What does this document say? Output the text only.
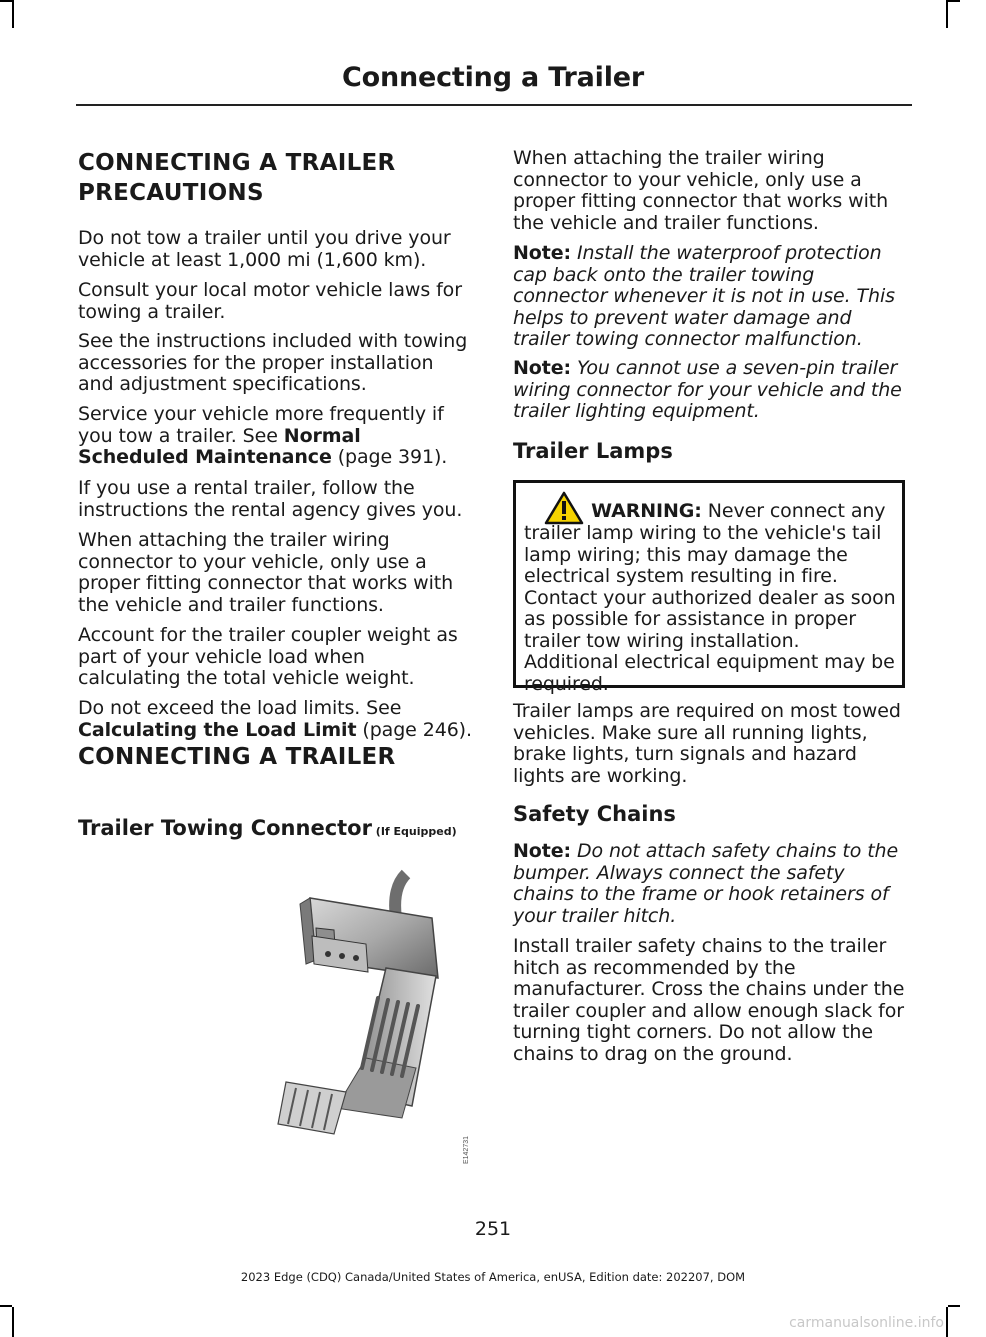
Connecting a Trailer
CONNECTING A TRAILER
PRECAUTIONS

Do not tow a trailer until you drive your vehicle at least 1,000 mi (1,600 km).

Consult your local motor vehicle laws for towing a trailer.

See the instructions included with towing accessories for the proper installation and adjustment specifications.

Service your vehicle more frequently if you tow a trailer. See Normal Scheduled Maintenance (page 391).

If you use a rental trailer, follow the instructions the rental agency gives you.

When attaching the trailer wiring connector to your vehicle, only use a proper fitting connector that works with the vehicle and trailer functions.

Account for the trailer coupler weight as part of your vehicle load when calculating the total vehicle weight.

Do not exceed the load limits. See Calculating the Load Limit (page 246).

CONNECTING A TRAILER
Trailer Towing Connector (If Equipped)
E142731

When attaching the trailer wiring connector to your vehicle, only use a proper fitting connector that works with the vehicle and trailer functions.

Note: Install the waterproof protection cap back onto the trailer towing connector whenever it is not in use. This helps to prevent water damage and trailer towing connector malfunction.

Note: You cannot use a seven-pin trailer wiring connector for your vehicle and the trailer lighting equipment.

Trailer Lamps

WARNING: Never connect any trailer lamp wiring to the vehicle's tail lamp wiring; this may damage the electrical system resulting in fire. Contact your authorized dealer as soon as possible for assistance in proper trailer tow wiring installation. Additional electrical equipment may be required.

Trailer lamps are required on most towed vehicles. Make sure all running lights, brake lights, turn signals and hazard lights are working.

Safety Chains

Note: Do not attach safety chains to the bumper. Always connect the safety chains to the frame or hook retainers of your trailer hitch.

Install trailer safety chains to the trailer hitch as recommended by the manufacturer. Cross the chains under the trailer coupler and allow enough slack for turning tight corners. Do not allow the chains to drag on the ground.

251
2023 Edge (CDQ) Canada/United States of America, enUSA, Edition date: 202207, DOM
carmanualsonline.info
